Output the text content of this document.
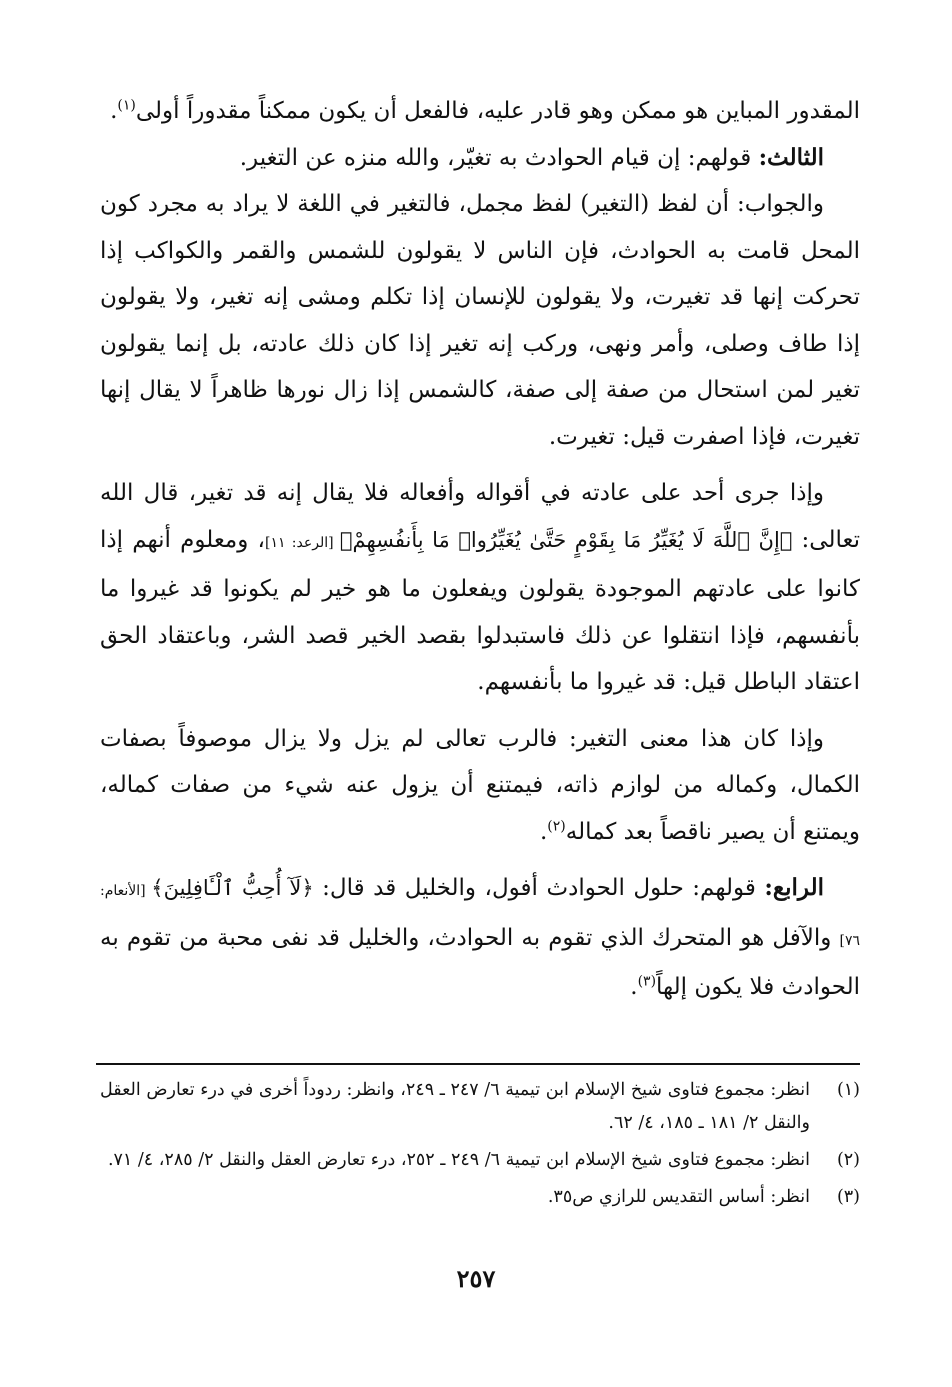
المقدور المباين هو ممكن وهو قادر عليه، فالفعل أن يكون ممكناً مقدوراً أولى$^{(١)}$.

الثالث: قولهم: إن قيام الحوادث به تغيّر، والله منزه عن التغير.

والجواب: أن لفظ (التغير) لفظ مجمل، فالتغير في اللغة لا يراد به مجرد كون المحل قامت به الحوادث، فإن الناس لا يقولون للشمس والقمر والكواكب إذا تحركت إنها قد تغيرت، ولا يقولون للإنسان إذا تكلم ومشى إنه تغير، ولا يقولون إذا طاف وصلى، وأمر ونهى، وركب إنه تغير إذا كان ذلك عادته، بل إنما يقولون تغير لمن استحال من صفة إلى صفة، كالشمس إذا زال نورها ظاهراً لا يقال إنها تغيرت، فإذا اصفرت قيل: تغيرت.

وإذا جرى أحد على عادته في أقواله وأفعاله فلا يقال إنه قد تغير، قال الله تعالى: ﴿إِنَّ ٱللَّهَ لَا يُغَيِّرُ مَا بِقَوْمٍ حَتَّىٰ يُغَيِّرُوا۟ مَا بِأَنفُسِهِمْ﴾ [الرعد: ١١]، ومعلوم أنهم إذا كانوا على عادتهم الموجودة يقولون ويفعلون ما هو خير لم يكونوا قد غيروا ما بأنفسهم، فإذا انتقلوا عن ذلك فاستبدلوا بقصد الخير قصد الشر، وباعتقاد الحق اعتقاد الباطل قيل: قد غيروا ما بأنفسهم.

وإذا كان هذا معنى التغير: فالرب تعالى لم يزل ولا يزال موصوفاً بصفات الكمال، وكماله من لوازم ذاته، فيمتنع أن يزول عنه شيء من صفات كماله، ويمتنع أن يصير ناقصاً بعد كماله$^{(٢)}$.

الرابع: قولهم: حلول الحوادث أفول، والخليل قد قال: ﴿لَآ أُحِبُّ ٱلْـَٔافِلِينَ﴾ [الأنعام: ٧٦] والآفل هو المتحرك الذي تقوم به الحوادث، والخليل قد نفى محبة من تقوم به الحوادث فلا يكون إلهاً$^{(٣)}$.

(١)
انظر: مجموع فتاوى شيخ الإسلام ابن تيمية ٦/ ٢٤٧ ـ ٢٤٩، وانظر: ردوداً أخرى في درء تعارض العقل والنقل ٢/ ١٨١ ـ ١٨٥، ٤/ ٦٢.

(٢)
انظر: مجموع فتاوى شيخ الإسلام ابن تيمية ٦/ ٢٤٩ ـ ٢٥٢، درء تعارض العقل والنقل ٢/ ٢٨٥، ٤/ ٧١.

(٣)
انظر: أساس التقديس للرازي ص٣٥.

٢٥٧
